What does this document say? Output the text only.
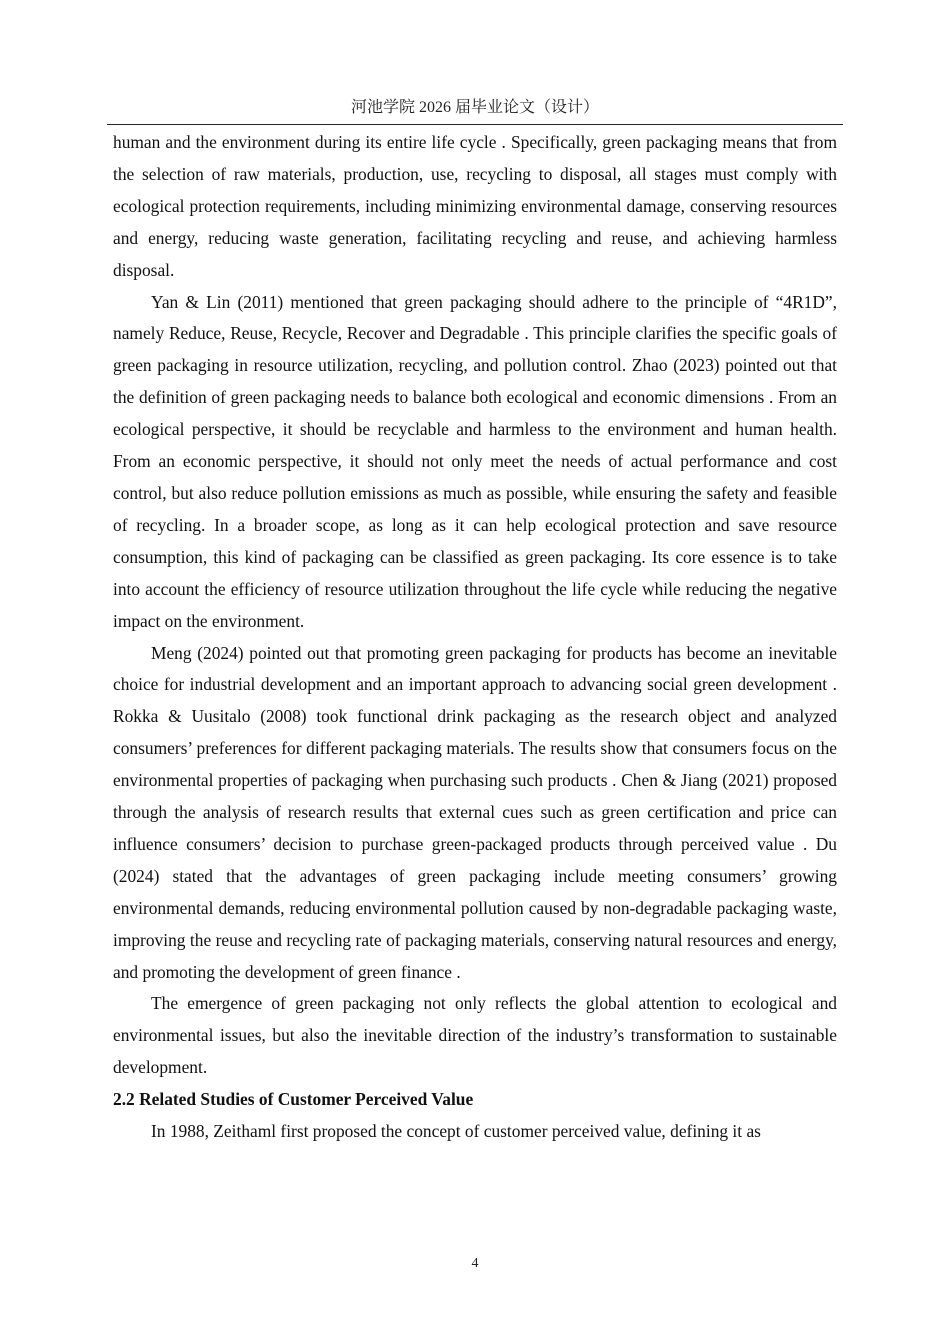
河池学院 2026 届毕业论文（设计）

human and the environment during its entire life cycle . Specifically, green packaging means that from the selection of raw materials, production, use, recycling to disposal, all stages must comply with ecological protection requirements, including minimizing environmental damage, conserving resources and energy, reducing waste generation, facilitating recycling and reuse, and achieving harmless disposal.

Yan & Lin (2011) mentioned that green packaging should adhere to the principle of “4R1D”, namely Reduce, Reuse, Recycle, Recover and Degradable . This principle clarifies the specific goals of green packaging in resource utilization, recycling, and pollution control. Zhao (2023) pointed out that the definition of green packaging needs to balance both ecological and economic dimensions . From an ecological perspective, it should be recyclable and harmless to the environment and human health. From an economic perspective, it should not only meet the needs of actual performance and cost control, but also reduce pollution emissions as much as possible, while ensuring the safety and feasible of recycling. In a broader scope, as long as it can help ecological protection and save resource consumption, this kind of packaging can be classified as green packaging. Its core essence is to take into account the efficiency of resource utilization throughout the life cycle while reducing the negative impact on the environment.

Meng (2024) pointed out that promoting green packaging for products has become an inevitable choice for industrial development and an important approach to advancing social green development . Rokka & Uusitalo (2008) took functional drink packaging as the research object and analyzed consumers’ preferences for different packaging materials. The results show that consumers focus on the environmental properties of packaging when purchasing such products . Chen & Jiang (2021) proposed through the analysis of research results that external cues such as green certification and price can influence consumers’ decision to purchase green-packaged products through perceived value . Du (2024) stated that the advantages of green packaging include meeting consumers’ growing environmental demands, reducing environmental pollution caused by non-degradable packaging waste, improving the reuse and recycling rate of packaging materials, conserving natural resources and energy, and promoting the development of green finance .

The emergence of green packaging not only reflects the global attention to ecological and environmental issues, but also the inevitable direction of the industry’s transformation to sustainable development.

2.2 Related Studies of Customer Perceived Value

In 1988, Zeithaml first proposed the concept of customer perceived value, defining it as

4
